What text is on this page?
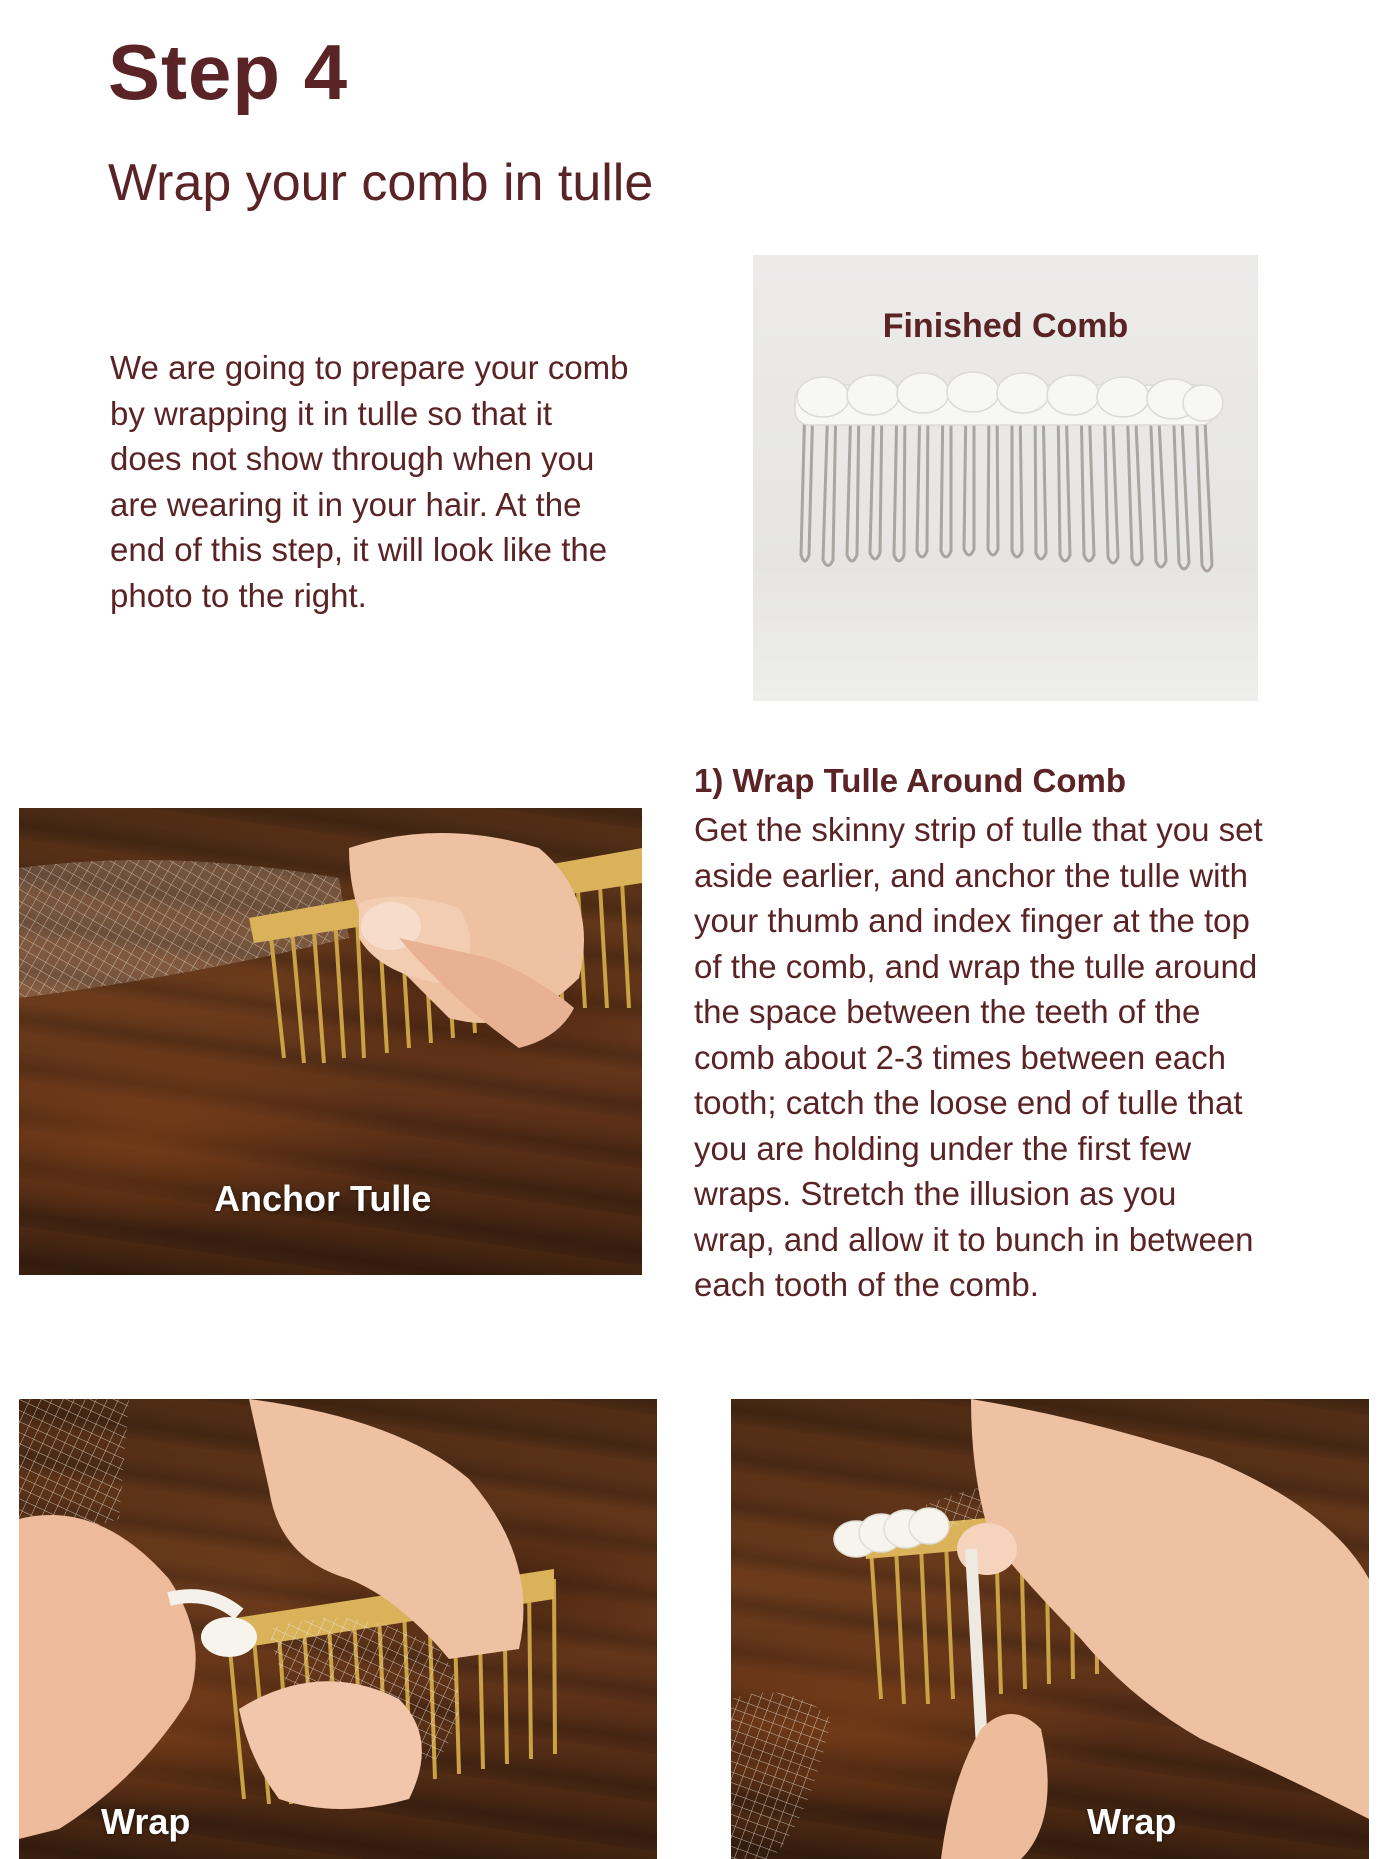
Step 4
Wrap your comb in tulle
We are going to prepare your comb by wrapping it in tulle so that it does not show through when you are wearing it in your hair. At the end of this step, it will look like the photo to the right.
Finished Comb
Anchor Tulle
1) Wrap Tulle Around Comb
Get the skinny strip of tulle that you set aside earlier, and anchor the tulle with your thumb and index finger at the top of the comb, and wrap the tulle around the space between the teeth of the comb about 2-3 times between each tooth; catch the loose end of tulle that you are holding under the first few wraps. Stretch the illusion as you wrap, and allow it to bunch in between each tooth of the comb.
Wrap	Wrap
